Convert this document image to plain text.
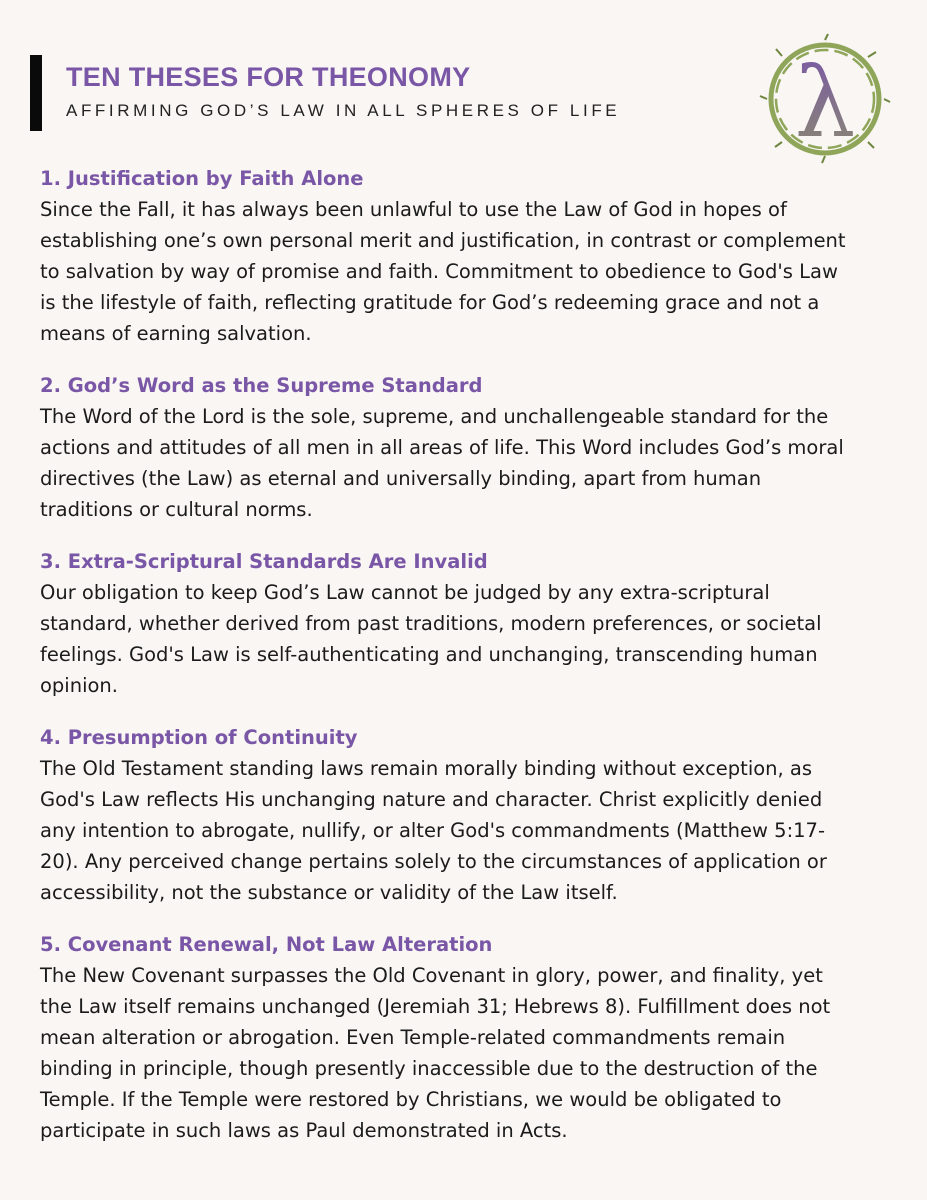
TEN THESES FOR THEONOMY
AFFIRMING GOD’S LAW IN ALL SPHERES OF LIFE λ
1. Justification by Faith Alone
Since the Fall, it has always been unlawful to use the Law of God in hopes of
establishing one’s own personal merit and justification, in contrast or complement
to salvation by way of promise and faith. Commitment to obedience to God's Law
is the lifestyle of faith, reflecting gratitude for God’s redeeming grace and not a
means of earning salvation.
2. God’s Word as the Supreme Standard
The Word of the Lord is the sole, supreme, and unchallengeable standard for the
actions and attitudes of all men in all areas of life. This Word includes God’s moral
directives (the Law) as eternal and universally binding, apart from human
traditions or cultural norms.
3. Extra-Scriptural Standards Are Invalid
Our obligation to keep God’s Law cannot be judged by any extra-scriptural
standard, whether derived from past traditions, modern preferences, or societal
feelings. God's Law is self-authenticating and unchanging, transcending human
opinion.
4. Presumption of Continuity
The Old Testament standing laws remain morally binding without exception, as
God's Law reflects His unchanging nature and character. Christ explicitly denied
any intention to abrogate, nullify, or alter God's commandments (Matthew 5:17-
20). Any perceived change pertains solely to the circumstances of application or
accessibility, not the substance or validity of the Law itself.
5. Covenant Renewal, Not Law Alteration
The New Covenant surpasses the Old Covenant in glory, power, and finality, yet
the Law itself remains unchanged (Jeremiah 31; Hebrews 8). Fulfillment does not
mean alteration or abrogation. Even Temple-related commandments remain
binding in principle, though presently inaccessible due to the destruction of the
Temple. If the Temple were restored by Christians, we would be obligated to
participate in such laws as Paul demonstrated in Acts.
